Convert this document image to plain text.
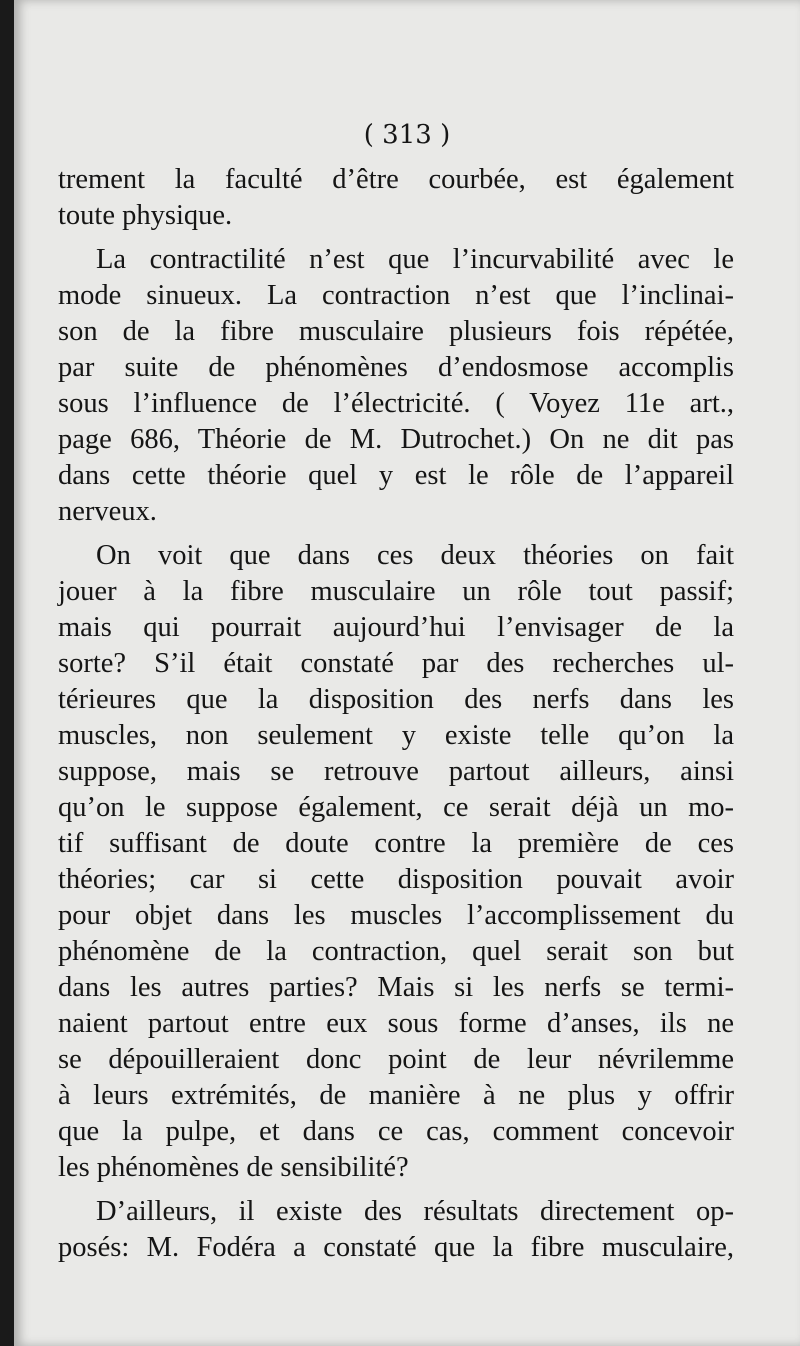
( 313 )
trement la faculté d’être courbée, est également
toute physique.
La contractilité n’est que l’incurvabilité avec le
mode sinueux. La contraction n’est que l’inclinai-
son de la fibre musculaire plusieurs fois répétée,
par suite de phénomènes d’endosmose accomplis
sous l’influence de l’électricité. ( Voyez 11e art.,
page 686, Théorie de M. Dutrochet.) On ne dit pas
dans cette théorie quel y est le rôle de l’appareil
nerveux.
On voit que dans ces deux théories on fait
jouer à la fibre musculaire un rôle tout passif;
mais qui pourrait aujourd’hui l’envisager de la
sorte? S’il était constaté par des recherches ul-
térieures que la disposition des nerfs dans les
muscles, non seulement y existe telle qu’on la
suppose, mais se retrouve partout ailleurs, ainsi
qu’on le suppose également, ce serait déjà un mo-
tif suffisant de doute contre la première de ces
théories; car si cette disposition pouvait avoir
pour objet dans les muscles l’accomplissement du
phénomène de la contraction, quel serait son but
dans les autres parties? Mais si les nerfs se termi-
naient partout entre eux sous forme d’anses, ils ne
se dépouilleraient donc point de leur névrilemme
à leurs extrémités, de manière à ne plus y offrir
que la pulpe, et dans ce cas, comment concevoir
les phénomènes de sensibilité?
D’ailleurs, il existe des résultats directement op-
posés: M. Fodéra a constaté que la fibre musculaire,
